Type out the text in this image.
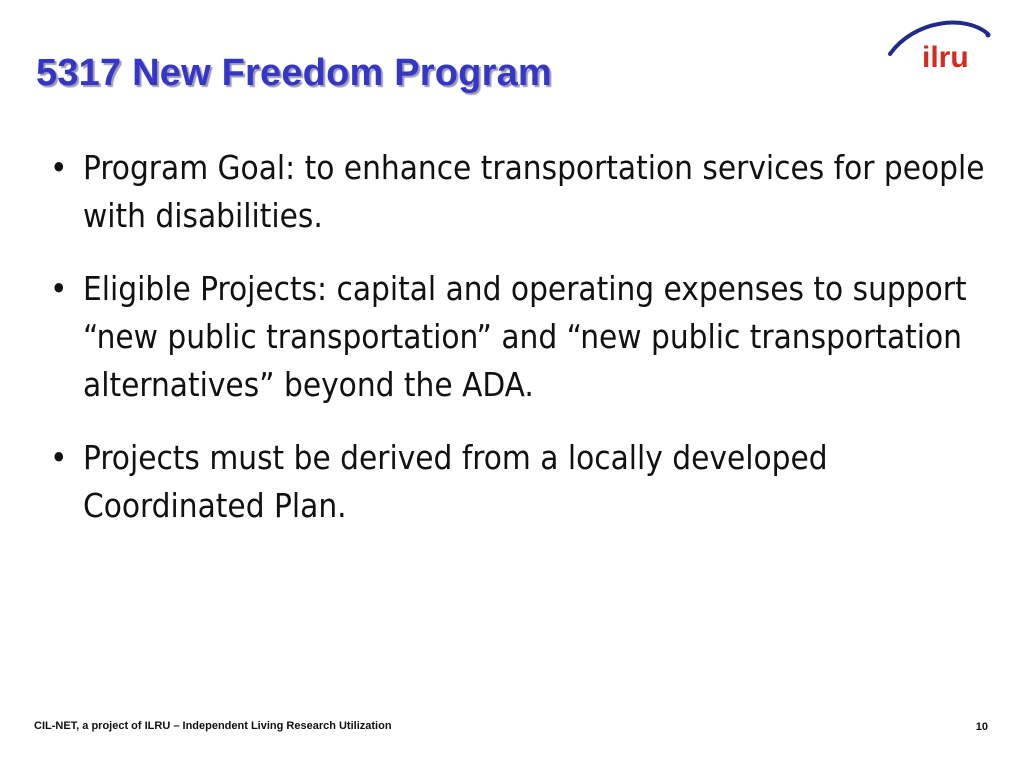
5317 New Freedom Program	ilru
• Program Goal: to enhance transportation services for people with disabilities.
• Eligible Projects: capital and operating expenses to support “new public transportation” and “new public transportation alternatives” beyond the ADA.
• Projects must be derived from a locally developed Coordinated Plan.
CIL-NET, a project of ILRU – Independent Living Research Utilization	10
